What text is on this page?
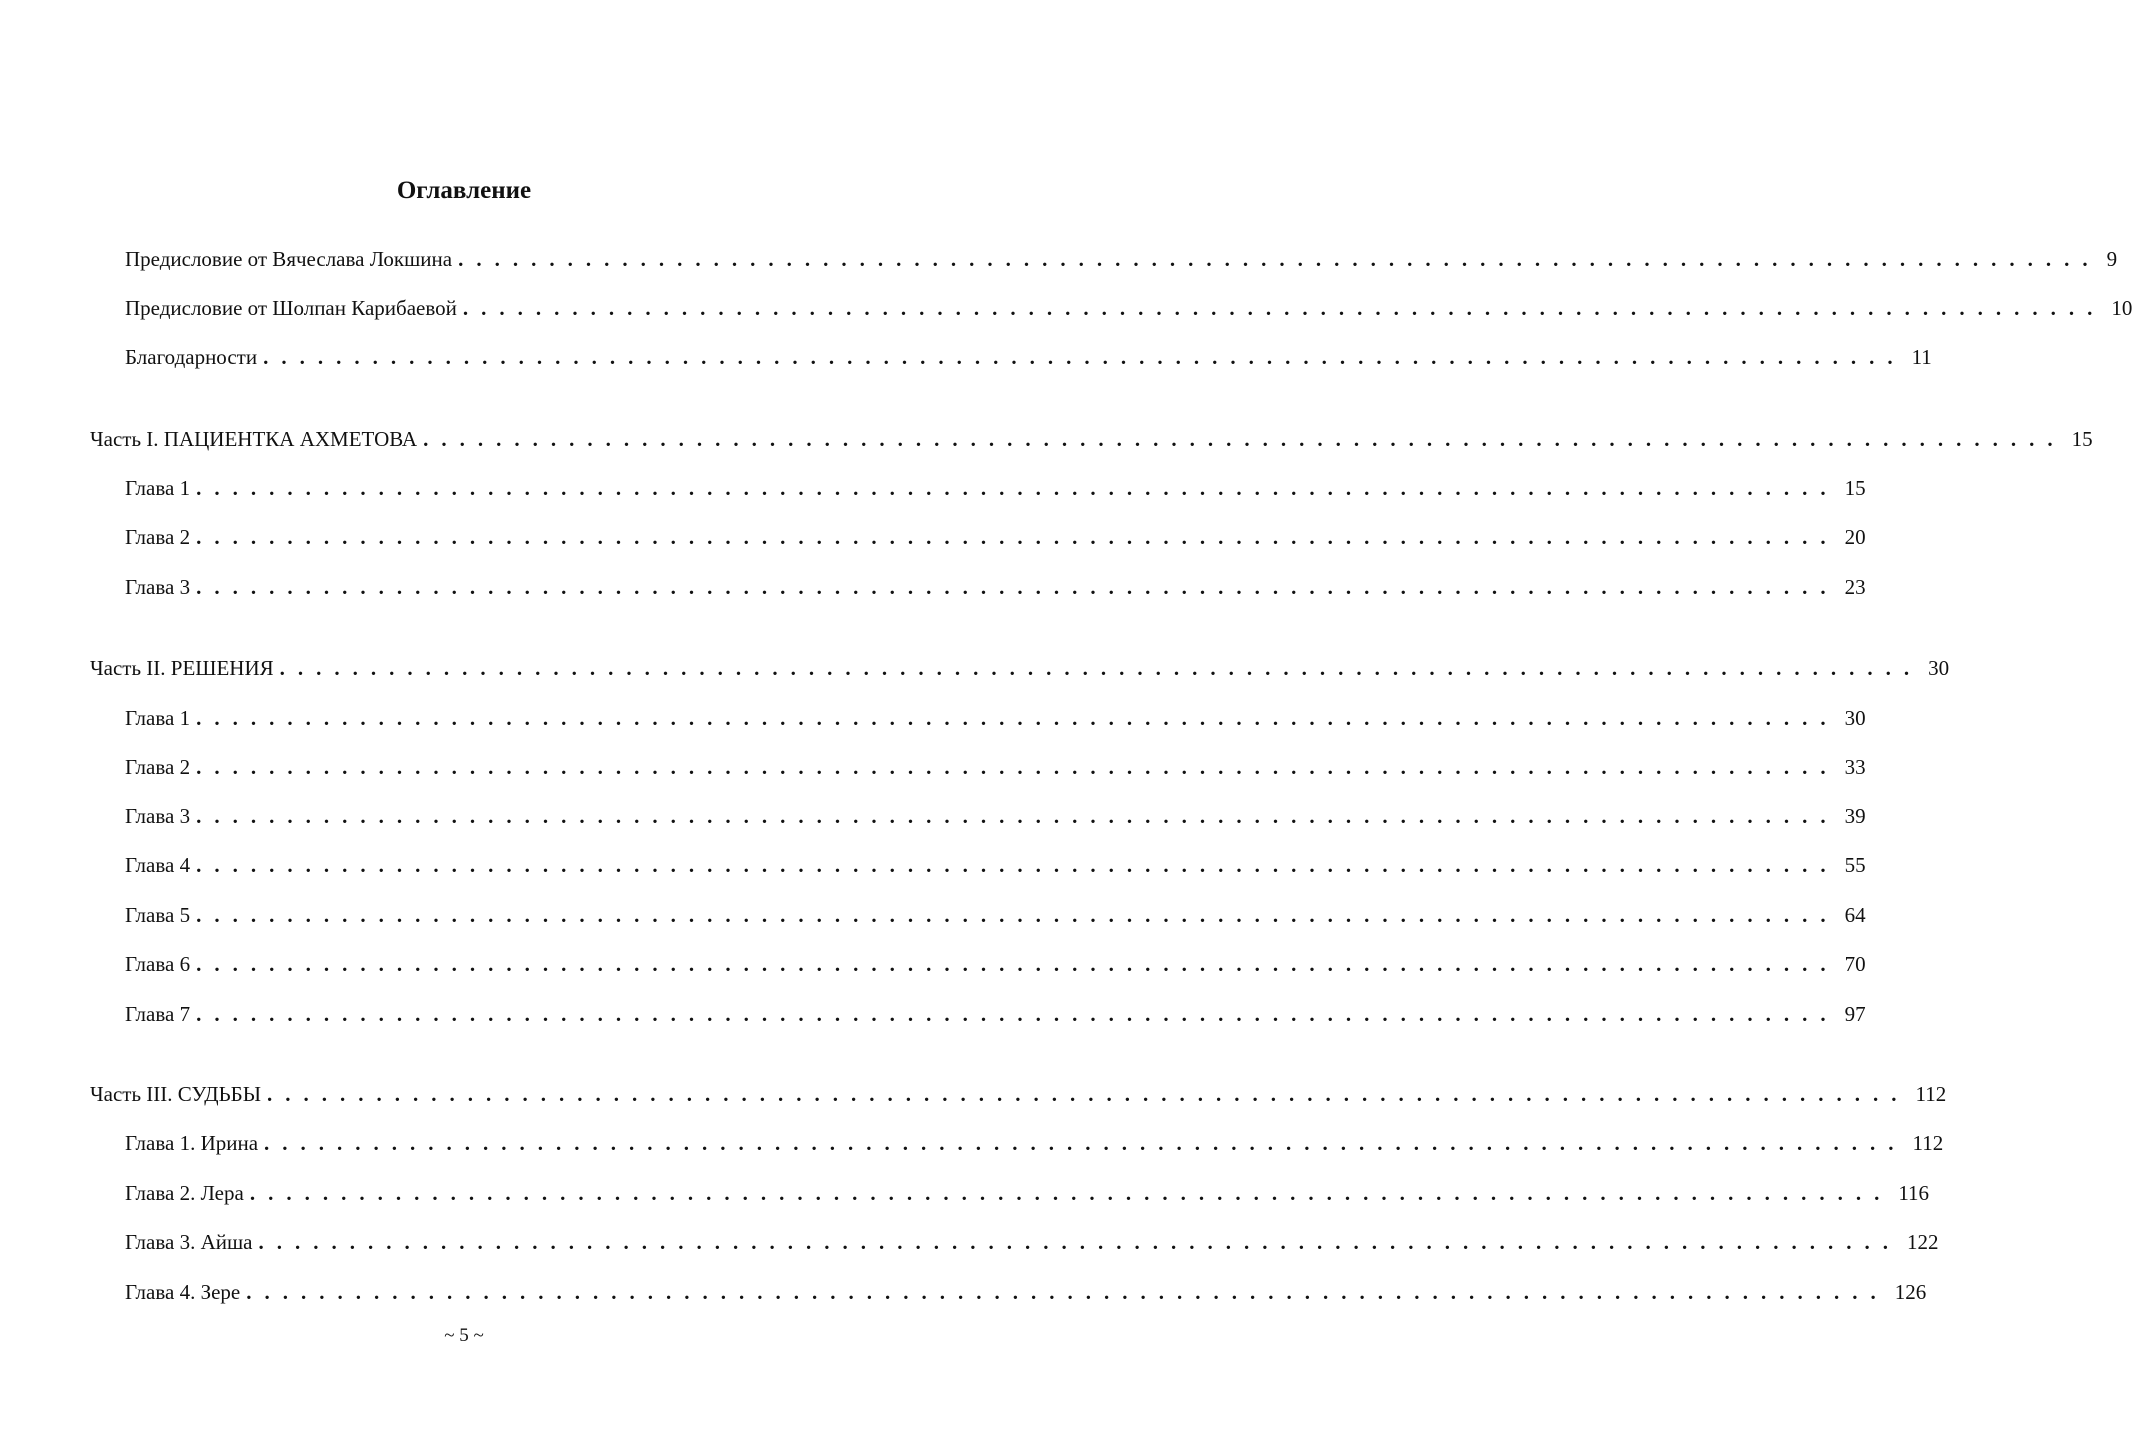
Оглавление
Предисловие от Вячеслава Локшина .......................................................................................... 9
Предисловие от Шолпан Карибаевой .......................................................................................... 10
Благодарности .......................................................................................... 11
Часть I. ПАЦИЕНТКА АХМЕТОВА .......................................................................................... 15
Глава 1 .......................................................................................... 15
Глава 2 .......................................................................................... 20
Глава 3 .......................................................................................... 23
Часть II. РЕШЕНИЯ .......................................................................................... 30
Глава 1 .......................................................................................... 30
Глава 2 .......................................................................................... 33
Глава 3 .......................................................................................... 39
Глава 4 .......................................................................................... 55
Глава 5 .......................................................................................... 64
Глава 6 .......................................................................................... 70
Глава 7 .......................................................................................... 97
Часть III. СУДЬБЫ .......................................................................................... 112
Глава 1. Ирина .......................................................................................... 112
Глава 2. Лера .......................................................................................... 116
Глава 3. Айша .......................................................................................... 122
Глава 4. Зере .......................................................................................... 126
~ 5 ~
